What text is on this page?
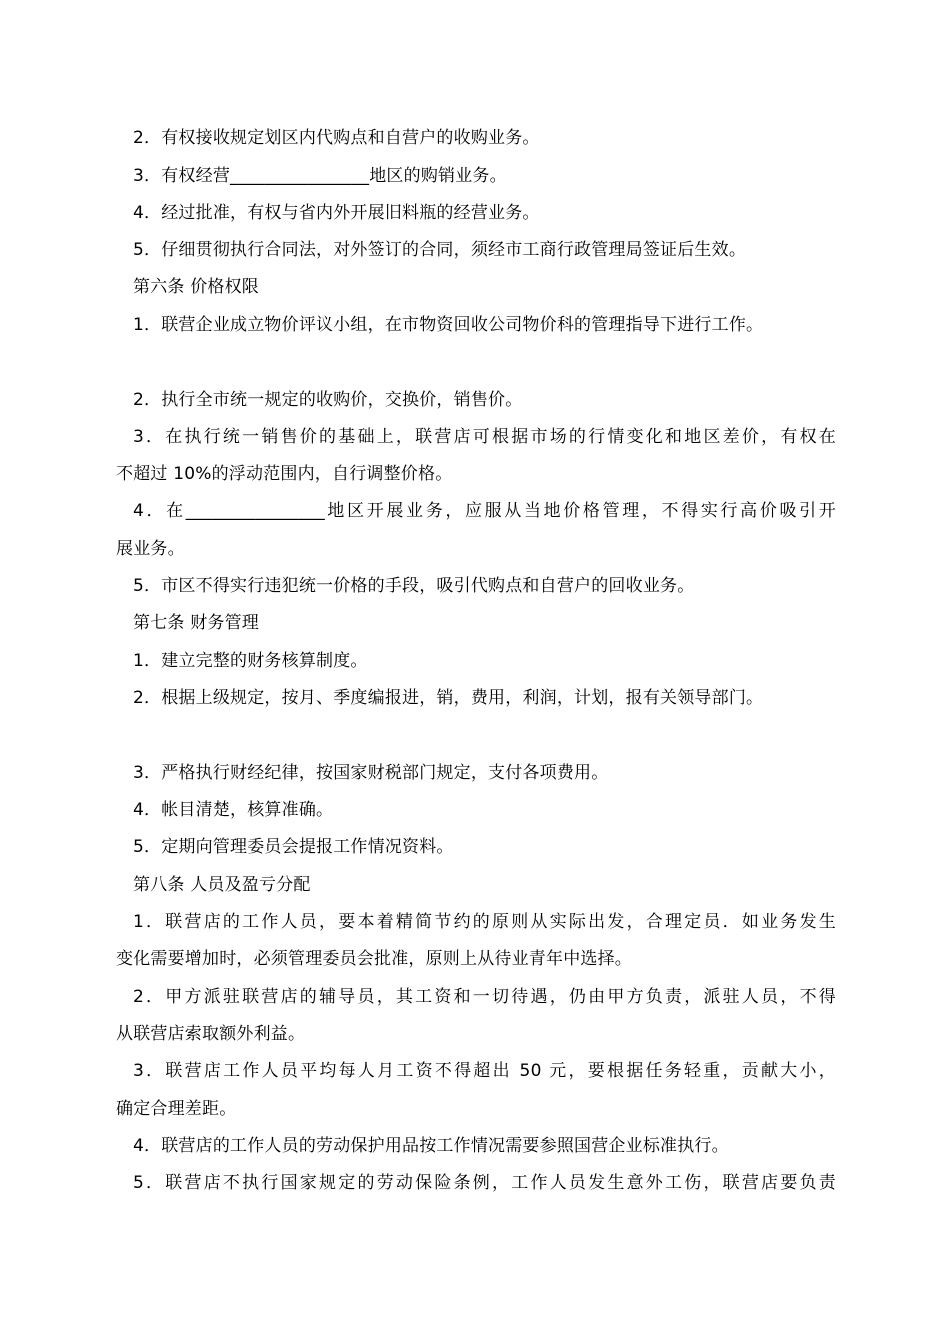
2．有权接收规定划区内代购点和自营户的收购业务。
3．有权经营________________地区的购销业务。
4．经过批准，有权与省内外开展旧料瓶的经营业务。
5．仔细贯彻执行合同法，对外签订的合同，须经市工商行政管理局签证后生效。
第六条 价格权限
1．联营企业成立物价评议小组，在市物资回收公司物价科的管理指导下进行工作。
2．执行全市统一规定的收购价，交换价，销售价。
3．在执行统一销售价的基础上，联营店可根据市场的行情变化和地区差价，有权在
不超过 10%的浮动范围内，自行调整价格。
4．在________________地区开展业务，应服从当地价格管理，不得实行高价吸引开
展业务。
5．市区不得实行违犯统一价格的手段，吸引代购点和自营户的回收业务。
第七条 财务管理
1．建立完整的财务核算制度。
2．根据上级规定，按月、季度编报进，销，费用，利润，计划，报有关领导部门。
3．严格执行财经纪律，按国家财税部门规定，支付各项费用。
4．帐目清楚，核算准确。
5．定期向管理委员会提报工作情况资料。
第八条 人员及盈亏分配
1．联营店的工作人员，要本着精简节约的原则从实际出发，合理定员．如业务发生
变化需要增加时，必须管理委员会批准，原则上从待业青年中选择。
2．甲方派驻联营店的辅导员，其工资和一切待遇，仍由甲方负责，派驻人员，不得
从联营店索取额外利益。
3．联营店工作人员平均每人月工资不得超出 50 元，要根据任务轻重，贡献大小，
确定合理差距。
4．联营店的工作人员的劳动保护用品按工作情况需要参照国营企业标准执行。
5．联营店不执行国家规定的劳动保险条例，工作人员发生意外工伤，联营店要负责
